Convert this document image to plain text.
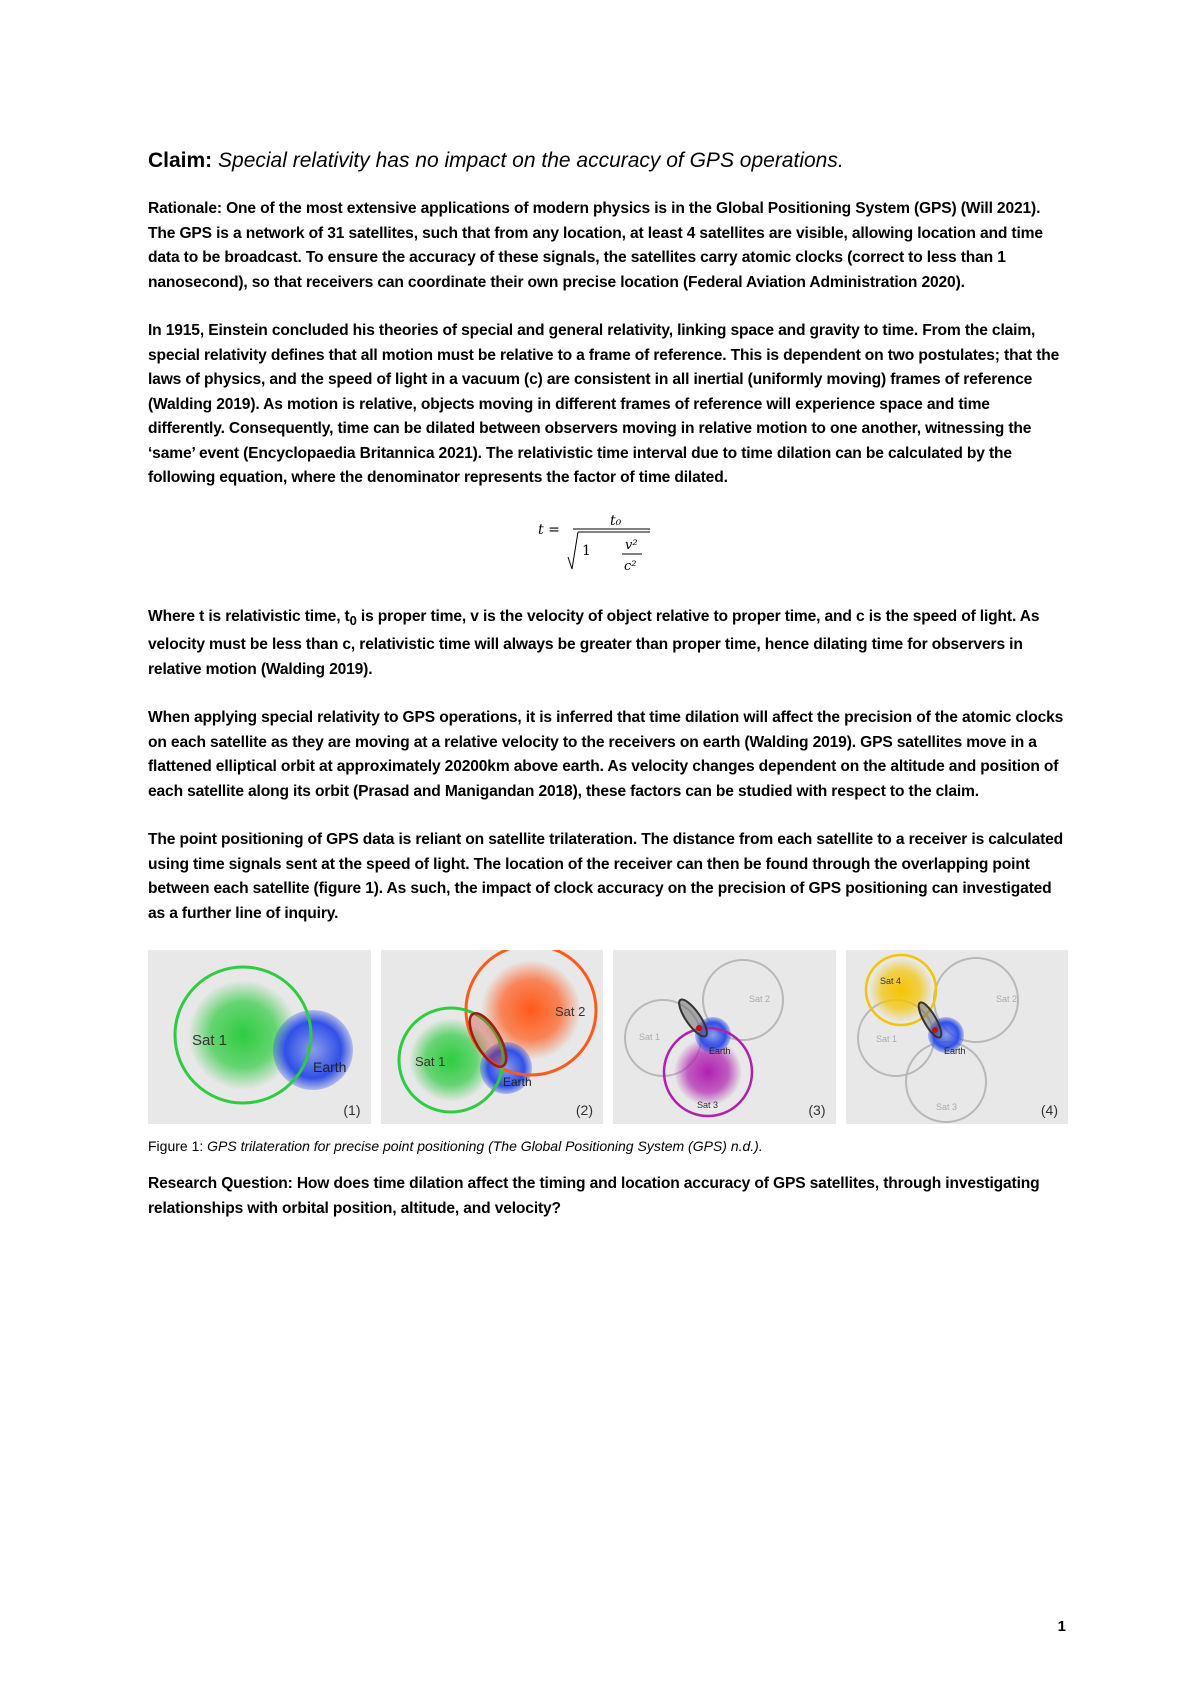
Claim: Special relativity has no impact on the accuracy of GPS operations.

Rationale: One of the most extensive applications of modern physics is in the Global Positioning System (GPS) (Will 2021). The GPS is a network of 31 satellites, such that from any location, at least 4 satellites are visible, allowing location and time data to be broadcast. To ensure the accuracy of these signals, the satellites carry atomic clocks (correct to less than 1 nanosecond), so that receivers can coordinate their own precise location (Federal Aviation Administration 2020).

In 1915, Einstein concluded his theories of special and general relativity, linking space and gravity to time. From the claim, special relativity defines that all motion must be relative to a frame of reference. This is dependent on two postulates; that the laws of physics, and the speed of light in a vacuum (c) are consistent in all inertial (uniformly moving) frames of reference (Walding 2019). As motion is relative, objects moving in different frames of reference will experience space and time differently. Consequently, time can be dilated between observers moving in relative motion to one another, witnessing the ‘same’ event (Encyclopaedia Britannica 2021). The relativistic time interval due to time dilation can be calculated by the following equation, where the denominator represents the factor of time dilated.

t =
t₀
1	v²
c²

Where t is relativistic time, $t_0$ is proper time, v is the velocity of object relative to proper time, and c is the speed of light. As velocity must be less than c, relativistic time will always be greater than proper time, hence dilating time for observers in relative motion (Walding 2019).

When applying special relativity to GPS operations, it is inferred that time dilation will affect the precision of the atomic clocks on each satellite as they are moving at a relative velocity to the receivers on earth (Walding 2019). GPS satellites move in a flattened elliptical orbit at approximately 20200km above earth. As velocity changes dependent on the altitude and position of each satellite along its orbit (Prasad and Manigandan 2018), these factors can be studied with respect to the claim.

The point positioning of GPS data is reliant on satellite trilateration. The distance from each satellite to a receiver is calculated using time signals sent at the speed of light. The location of the receiver can then be found through the overlapping point between each satellite (figure 1). As such, the impact of clock accuracy on the precision of GPS positioning can investigated as a further line of inquiry.

Sat 1
Earth
(1)
Sat 1
Sat 2
Earth
(2)
Sat 1
Sat 2
Sat 3
Earth
(3)
Sat 4
Sat 2
Sat 1
Sat 3
Earth
(4)

Figure 1: GPS trilateration for precise point positioning (The Global Positioning System (GPS) n.d.).

Research Question: How does time dilation affect the timing and location accuracy of GPS satellites, through investigating relationships with orbital position, altitude, and velocity?

1
